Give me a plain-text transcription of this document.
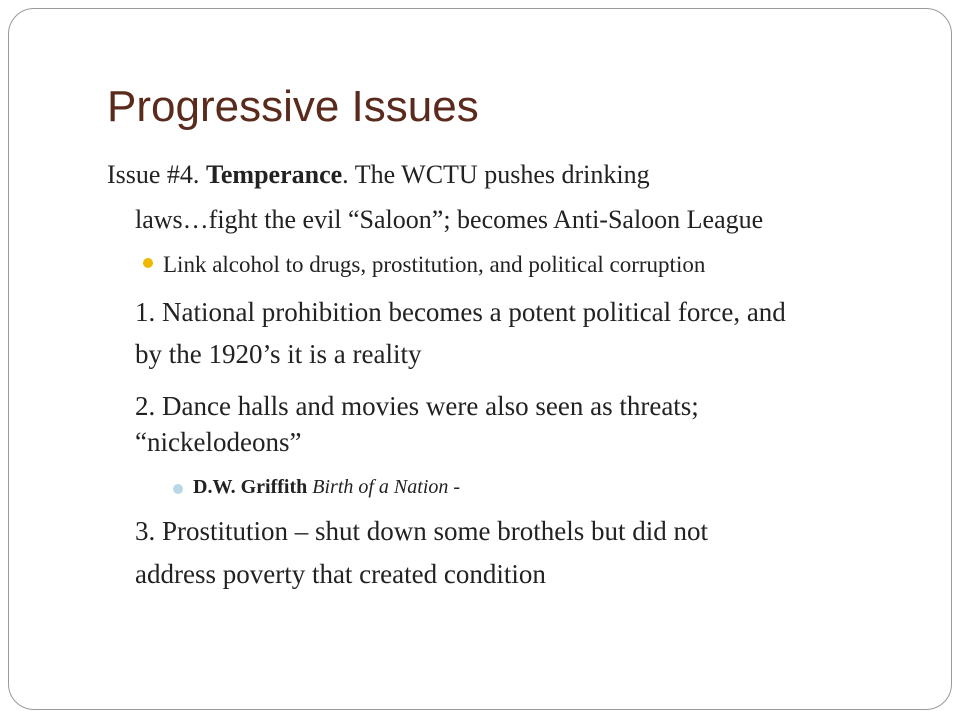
Progressive Issues
Issue #4. Temperance. The WCTU pushes drinking
laws…fight the evil “Saloon”; becomes Anti-Saloon League
Link alcohol to drugs, prostitution, and political corruption
1. National prohibition becomes a potent political force, and
by the 1920’s it is a reality
2. Dance halls and movies were also seen as threats;
“nickelodeons”
D.W. Griffith Birth of a Nation -
3. Prostitution – shut down some brothels but did not
address poverty that created condition
